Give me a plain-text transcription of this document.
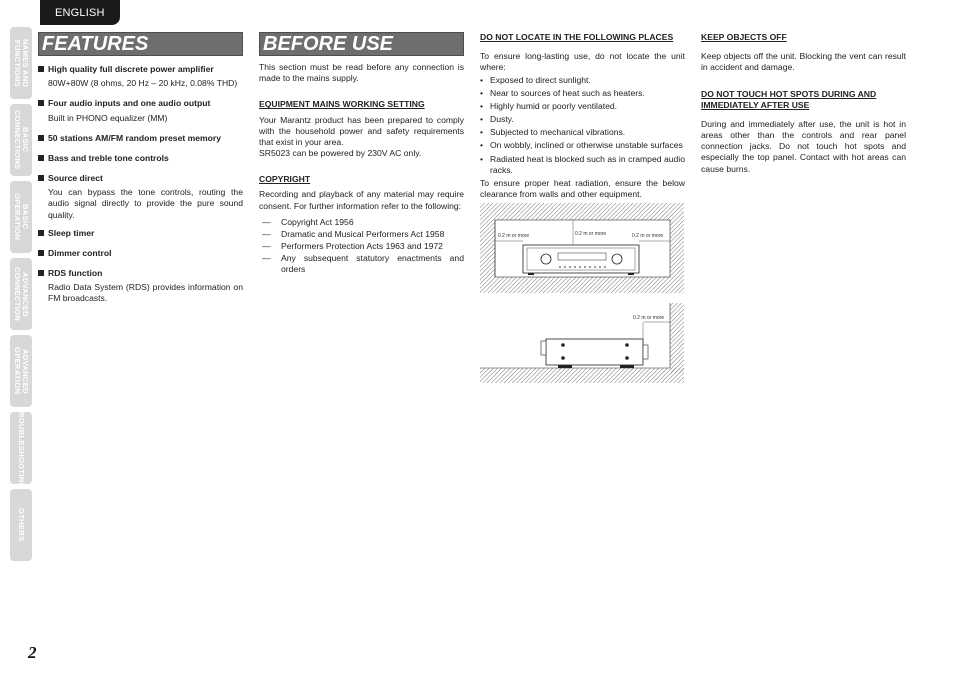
ENGLISH
NAMES AND
FUNCTIONS
BASIC
CONNECTIONS
BASIC
OPERATION
ADVANCED
CONNECTION
ADVANCED
OPERATION
TROUBLESHOOTING
OTHERS
FEATURES
High quality full discrete power amplifier
80W+80W (8 ohms, 20 Hz – 20 kHz, 0.08% THD)
Four audio inputs and one audio output
Built in PHONO equalizer (MM)
50 stations AM/FM random preset memory
Bass and treble tone controls
Source direct
You can bypass the tone controls, routing the audio signal directly to provide the pure sound quality.
Sleep timer
Dimmer control
RDS function
Radio Data System (RDS) provides information on FM broadcasts.
BEFORE USE

This section must be read before any connection is made to the mains supply.

EQUIPMENT MAINS WORKING SETTING

Your Marantz product has been prepared to comply with the household power and safety requirements that exist in your area.

SR5023 can be powered by 230V AC only.

COPYRIGHT

Recording and playback of any material may require consent. For further information refer to the following:

— Copyright Act 1956
— Dramatic and Musical Performers Act 1958
— Performers Protection Acts 1963 and 1972
— Any subsequent statutory enactments and orders
DO NOT LOCATE IN THE FOLLOWING PLACES

To ensure long-lasting use, do not locate the unit where:

• Exposed to direct sunlight.
• Near to sources of heat such as heaters.
• Highly humid or poorly ventilated.
• Dusty.
• Subjected to mechanical vibrations.
• On wobbly, inclined or otherwise unstable surfaces
• Radiated heat is blocked such as in cramped audio racks.

To ensure proper heat radiation, ensure the below clearance from walls and other equipment.

0.2 m or more	0.2 m or more	0.2 m or more
0.2 m or more
KEEP OBJECTS OFF

Keep objects off the unit. Blocking the vent can result in accident and damage.

DO NOT TOUCH HOT SPOTS DURING AND IMMEDIATELY AFTER USE

During and immediately after use, the unit is hot in areas other than the controls and rear panel connection jacks. Do not touch hot spots and especially the top panel. Contact with hot areas can cause burns.

2
